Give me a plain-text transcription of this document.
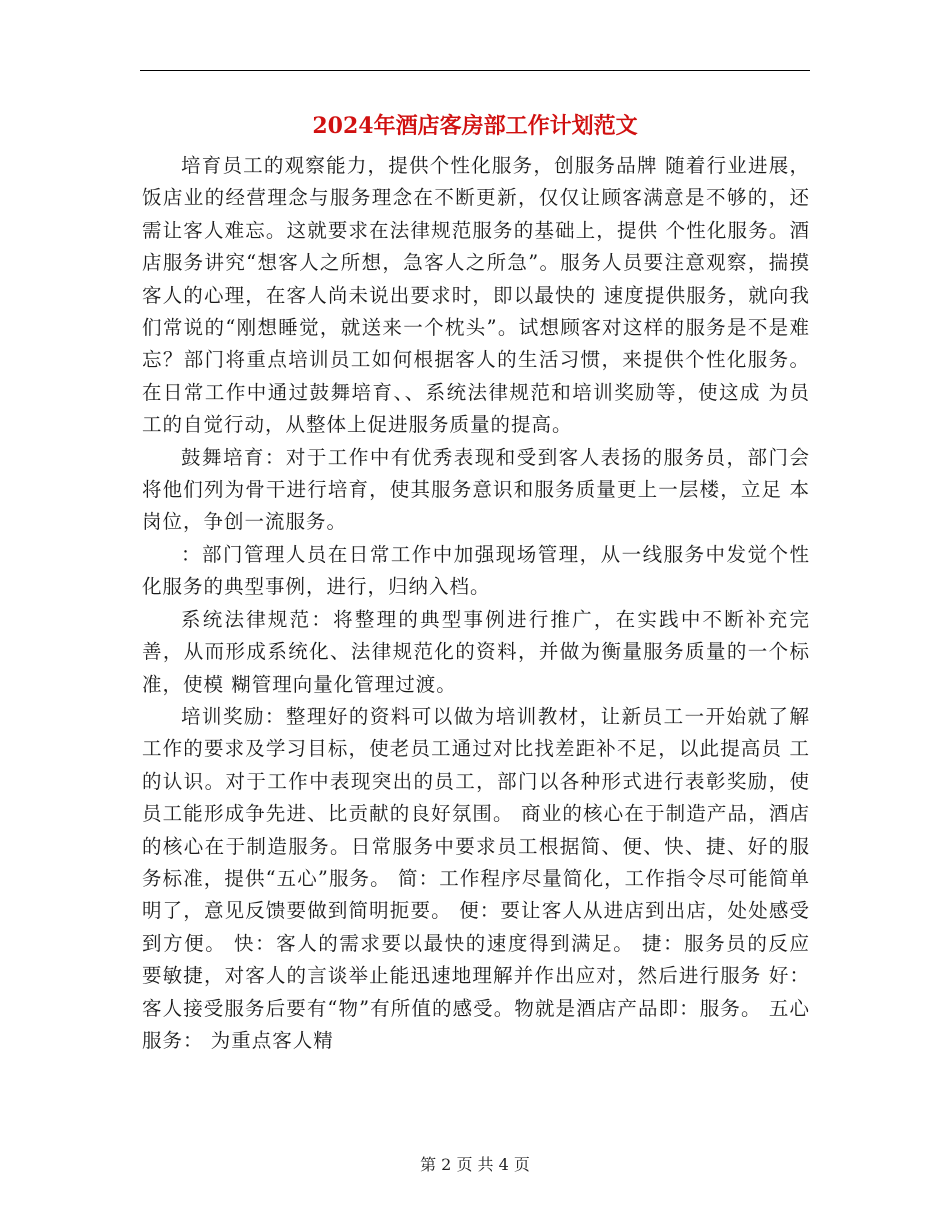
2024年酒店客房部工作计划范文

培育员工的观察能力，提供个性化服务，创服务品牌 随着行业进展，饭店业的经营理念与服务理念在不断更新，仅仅让顾客满意是不够的，还需让客人难忘。这就要求在法律规范服务的基础上，提供 个性化服务。酒店服务讲究“想客人之所想，急客人之所急”。服务人员要注意观察，揣摸客人的心理，在客人尚未说出要求时，即以最快的 速度提供服务，就向我们常说的“刚想睡觉，就送来一个枕头”。试想顾客对这样的服务是不是难忘？部门将重点培训员工如何根据客人的生活习惯，来提供个性化服务。在日常工作中通过鼓舞培育、、系统法律规范和培训奖励等，使这成 为员工的自觉行动，从整体上促进服务质量的提高。

鼓舞培育：对于工作中有优秀表现和受到客人表扬的服务员，部门会将他们列为骨干进行培育，使其服务意识和服务质量更上一层楼，立足 本岗位，争创一流服务。

：部门管理人员在日常工作中加强现场管理，从一线服务中发觉个性化服务的典型事例，进行，归纳入档。

系统法律规范：将整理的典型事例进行推广，在实践中不断补充完善，从而形成系统化、法律规范化的资料，并做为衡量服务质量的一个标准，使模 糊管理向量化管理过渡。

培训奖励：整理好的资料可以做为培训教材，让新员工一开始就了解工作的要求及学习目标，使老员工通过对比找差距补不足，以此提高员 工的认识。对于工作中表现突出的员工，部门以各种形式进行表彰奖励，使员工能形成争先进、比贡献的良好氛围。 商业的核心在于制造产品，酒店的核心在于制造服务。日常服务中要求员工根据简、便、快、捷、好的服务标准，提供“五心”服务。 简：工作程序尽量简化，工作指令尽可能简单明了，意见反馈要做到简明扼要。 便：要让客人从进店到出店，处处感受到方便。 快：客人的需求要以最快的速度得到满足。 捷：服务员的反应要敏捷，对客人的言谈举止能迅速地理解并作出应对，然后进行服务 好：客人接受服务后要有“物”有所值的感受。物就是酒店产品即：服务。 五心服务： 为重点客人精

第 2 页 共 4 页
